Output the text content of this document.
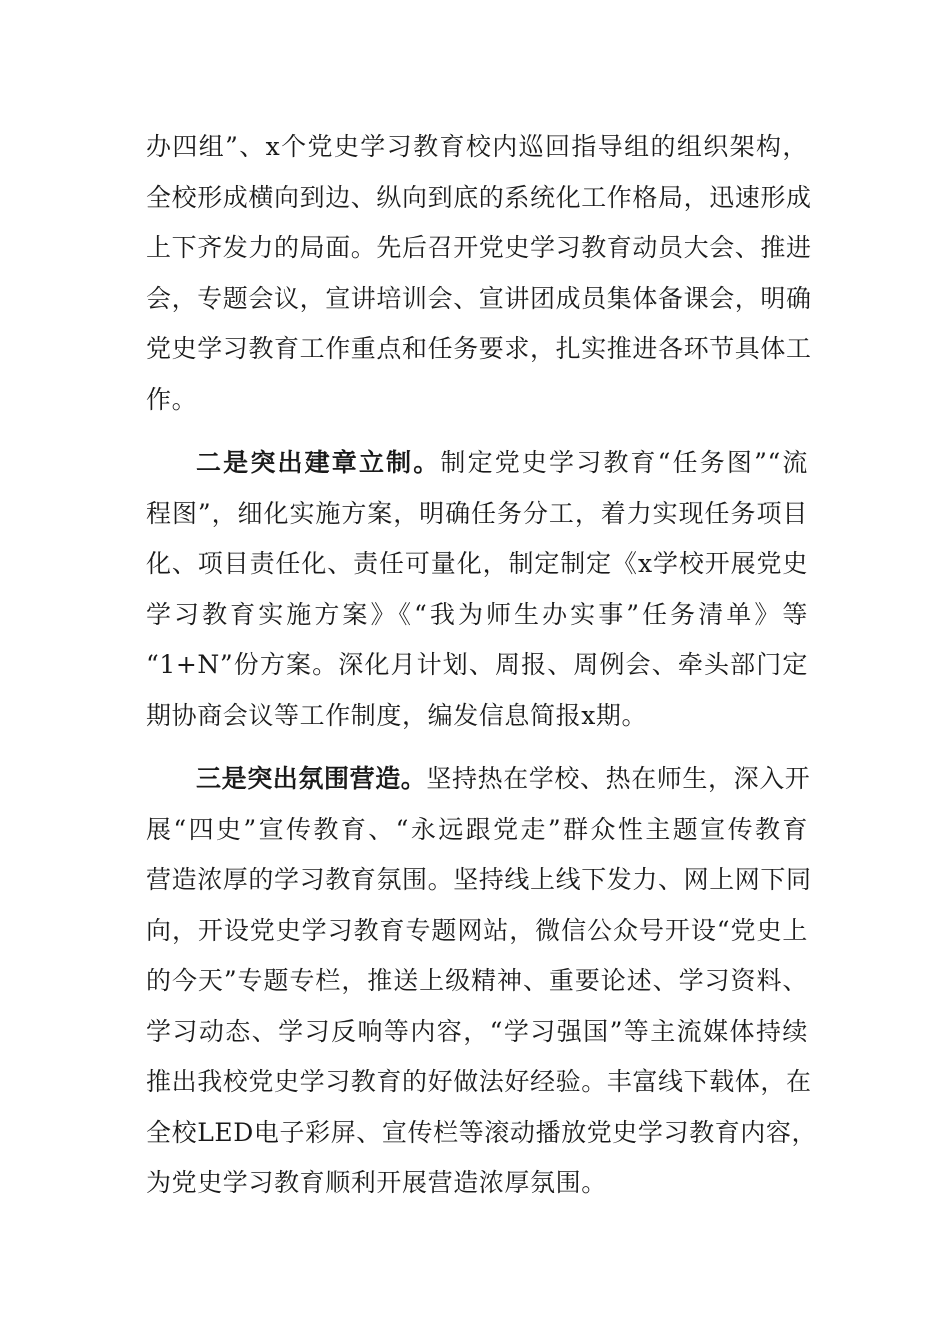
办四组”、x个党史学习教育校内巡回指导组的组织架构，
全校形成横向到边、纵向到底的系统化工作格局，迅速形成
上下齐发力的局面。先后召开党史学习教育动员大会、推进
会，专题会议，宣讲培训会、宣讲团成员集体备课会，明确
党史学习教育工作重点和任务要求，扎实推进各环节具体工
作。
二是突出建章立制。制定党史学习教育“任务图”“流
程图”，细化实施方案，明确任务分工，着力实现任务项目
化、项目责任化、责任可量化，制定制定《x学校开展党史
学习教育实施方案》《“我为师生办实事”任务清单》等
“1+N”份方案。深化月计划、周报、周例会、牵头部门定
期协商会议等工作制度，编发信息简报x期。
三是突出氛围营造。坚持热在学校、热在师生，深入开
展“四史”宣传教育、“永远跟党走”群众性主题宣传教育
营造浓厚的学习教育氛围。坚持线上线下发力、网上网下同
向，开设党史学习教育专题网站，微信公众号开设“党史上
的今天”专题专栏，推送上级精神、重要论述、学习资料、
学习动态、学习反响等内容，“学习强国”等主流媒体持续
推出我校党史学习教育的好做法好经验。丰富线下载体，在
全校LED电子彩屏、宣传栏等滚动播放党史学习教育内容，
为党史学习教育顺利开展营造浓厚氛围。
